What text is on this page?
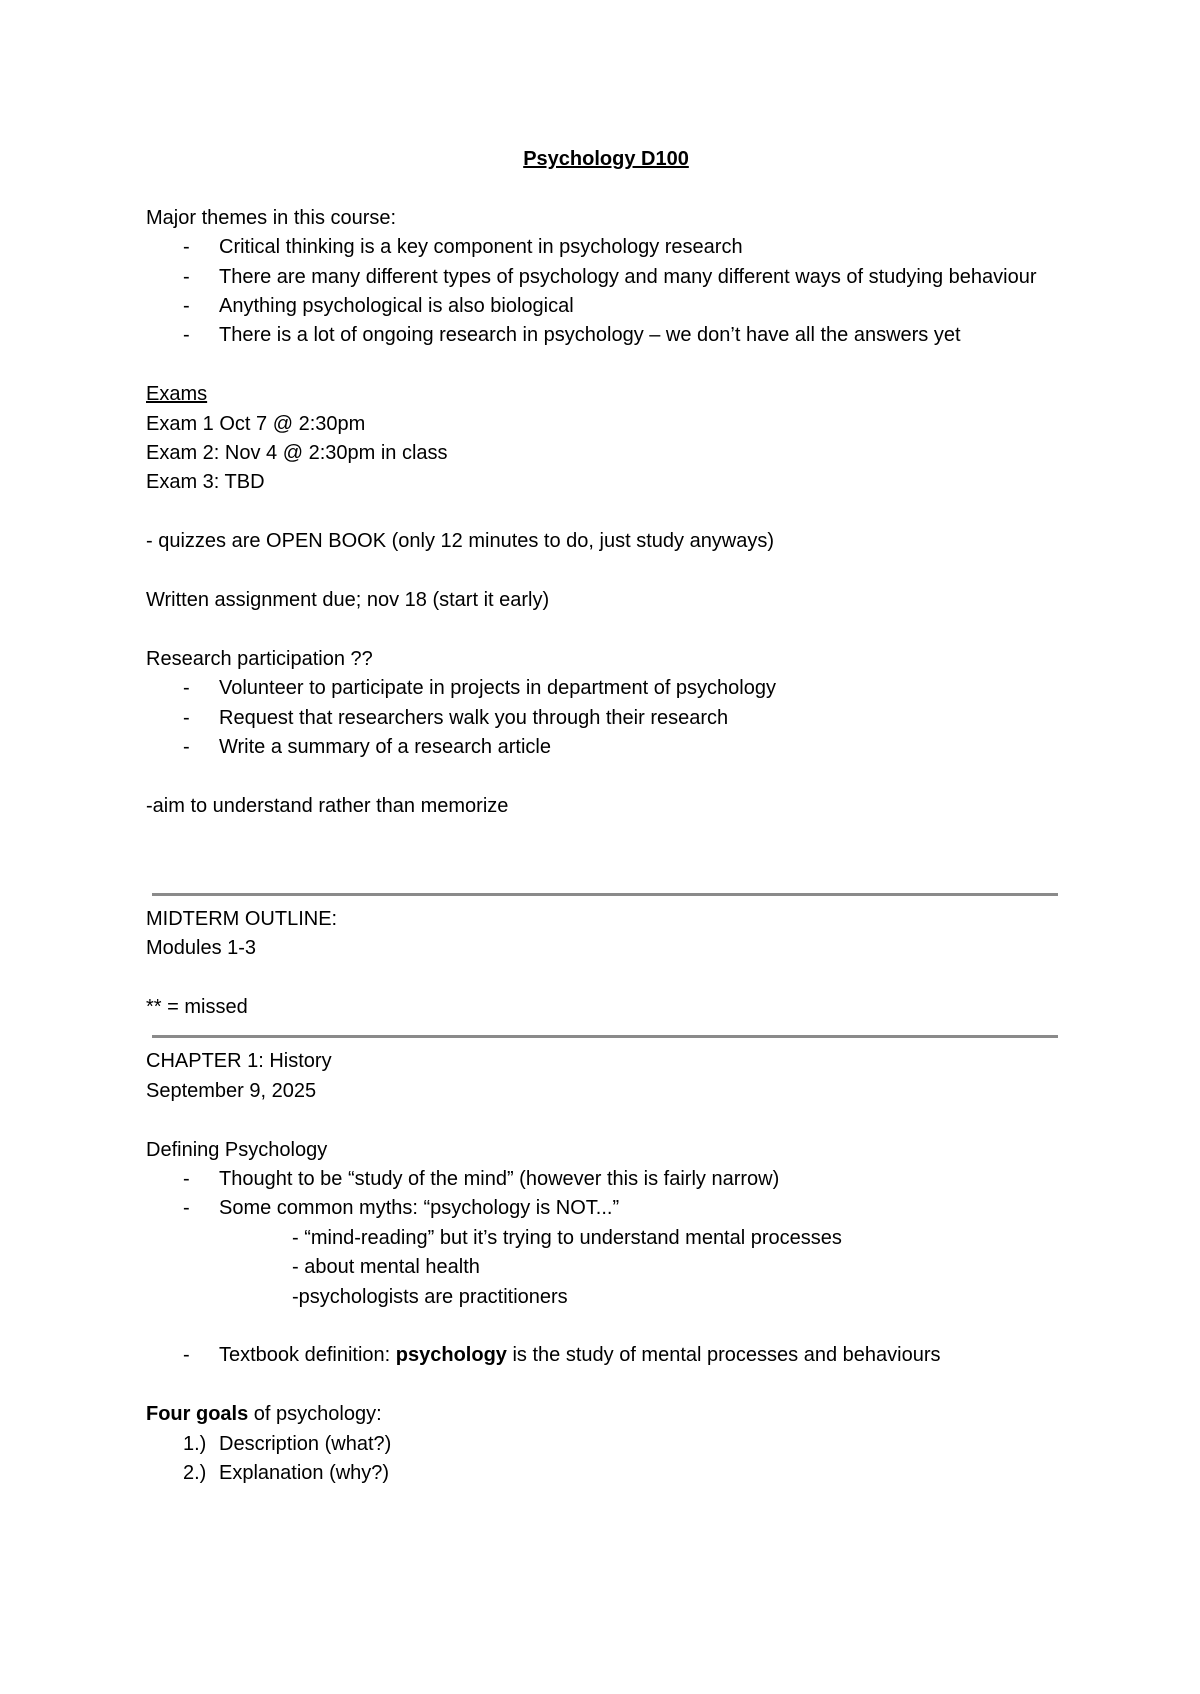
Psychology D100
Major themes in this course:
- Critical thinking is a key component in psychology research
- There are many different types of psychology and many different ways of studying behaviour
- Anything psychological is also biological
- There is a lot of ongoing research in psychology – we don’t have all the answers yet
Exams
Exam 1 Oct 7 @ 2:30pm
Exam 2: Nov 4 @ 2:30pm in class
Exam 3: TBD
- quizzes are OPEN BOOK (only 12 minutes to do, just study anyways)
Written assignment due; nov 18 (start it early)
Research participation ??
- Volunteer to participate in projects in department of psychology
- Request that researchers walk you through their research
- Write a summary of a research article
-aim to understand rather than memorize
MIDTERM OUTLINE:
Modules 1-3
** = missed
CHAPTER 1: History
September 9, 2025
Defining Psychology
- Thought to be “study of the mind” (however this is fairly narrow)
- Some common myths: “psychology is NOT...”
- “mind-reading” but it’s trying to understand mental processes
- about mental health
-psychologists are practitioners
- Textbook definition: psychology is the study of mental processes and behaviours
Four goals of psychology:
1.) Description (what?)
2.) Explanation (why?)
